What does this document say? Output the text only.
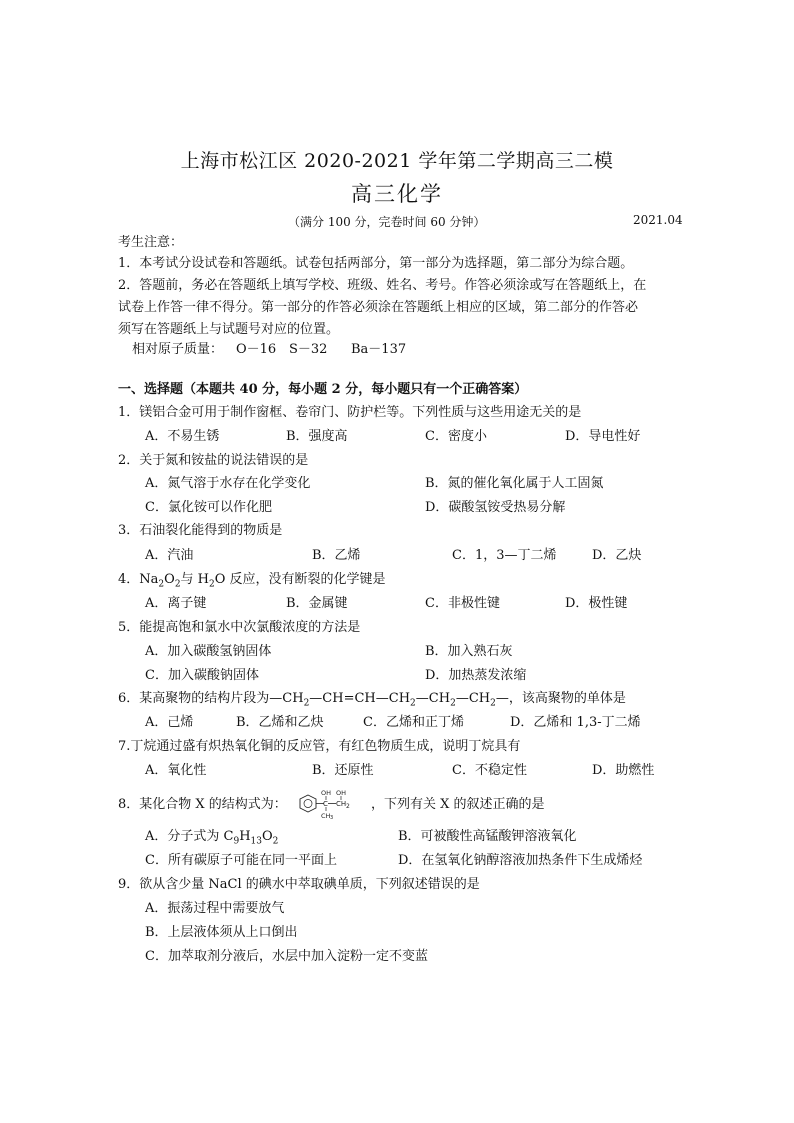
上海市松江区 2020-2021 学年第二学期高三二模
高三化学
（满分 100 分，完卷时间 60 分钟）	2021.04
考生注意：
1．本考试分设试卷和答题纸。试卷包括两部分，第一部分为选择题，第二部分为综合题。
2．答题前，务必在答题纸上填写学校、班级、姓名、考号。作答必须涂或写在答题纸上，在
试卷上作答一律不得分。第一部分的作答必须涂在答题纸上相应的区域，第二部分的作答必
须写在答题纸上与试题号对应的位置。
相对原子质量： O－16 S－32 Ba－137
一、选择题（本题共 40 分，每小题 2 分，每小题只有一个正确答案）
1．镁铝合金可用于制作窗框、卷帘门、防护栏等。下列性质与这些用途无关的是
A．不易生锈	B．强度高	C．密度小	D．导电性好
2．关于氮和铵盐的说法错误的是
A．氮气溶于水存在化学变化	B．氮的催化氧化属于人工固氮
C．氯化铵可以作化肥	D．碳酸氢铵受热易分解
3．石油裂化能得到的物质是
A．汽油	B．乙烯	C．1，3—丁二烯	D．乙炔
4．$Na_2O_2$与 $H_2O$ 反应，没有断裂的化学键是
A．离子键	B．金属键	C．非极性键	D．极性键
5．能提高饱和氯水中次氯酸浓度的方法是
A．加入碳酸氢钠固体	B．加入熟石灰
C．加入碳酸钠固体	D．加热蒸发浓缩
6．某高聚物的结构片段为$—CH_2—CH=CH—CH_2—CH_2—CH_2—$，该高聚物的单体是
A．己烯	B．乙烯和乙炔	C．乙烯和正丁烯	D．乙烯和 1,3-丁二烯
7.丁烷通过盛有炽热氧化铜的反应管，有红色物质生成，说明丁烷具有
A．氧化性	B．还原性	C．不稳定性	D．助燃性
8．某化合物 X 的结构式为：	C CH
OH OH
2
CH 3
，下列有关 X 的叙述正确的是
A．分子式为 $C_9H_{13}O_2$	B．可被酸性高锰酸钾溶液氧化
C．所有碳原子可能在同一平面上	D．在氢氧化钠醇溶液加热条件下生成烯烃
9．欲从含少量 NaCl 的碘水中萃取碘单质，下列叙述错误的是
A．振荡过程中需要放气
B．上层液体须从上口倒出
C．加萃取剂分液后，水层中加入淀粉一定不变蓝
